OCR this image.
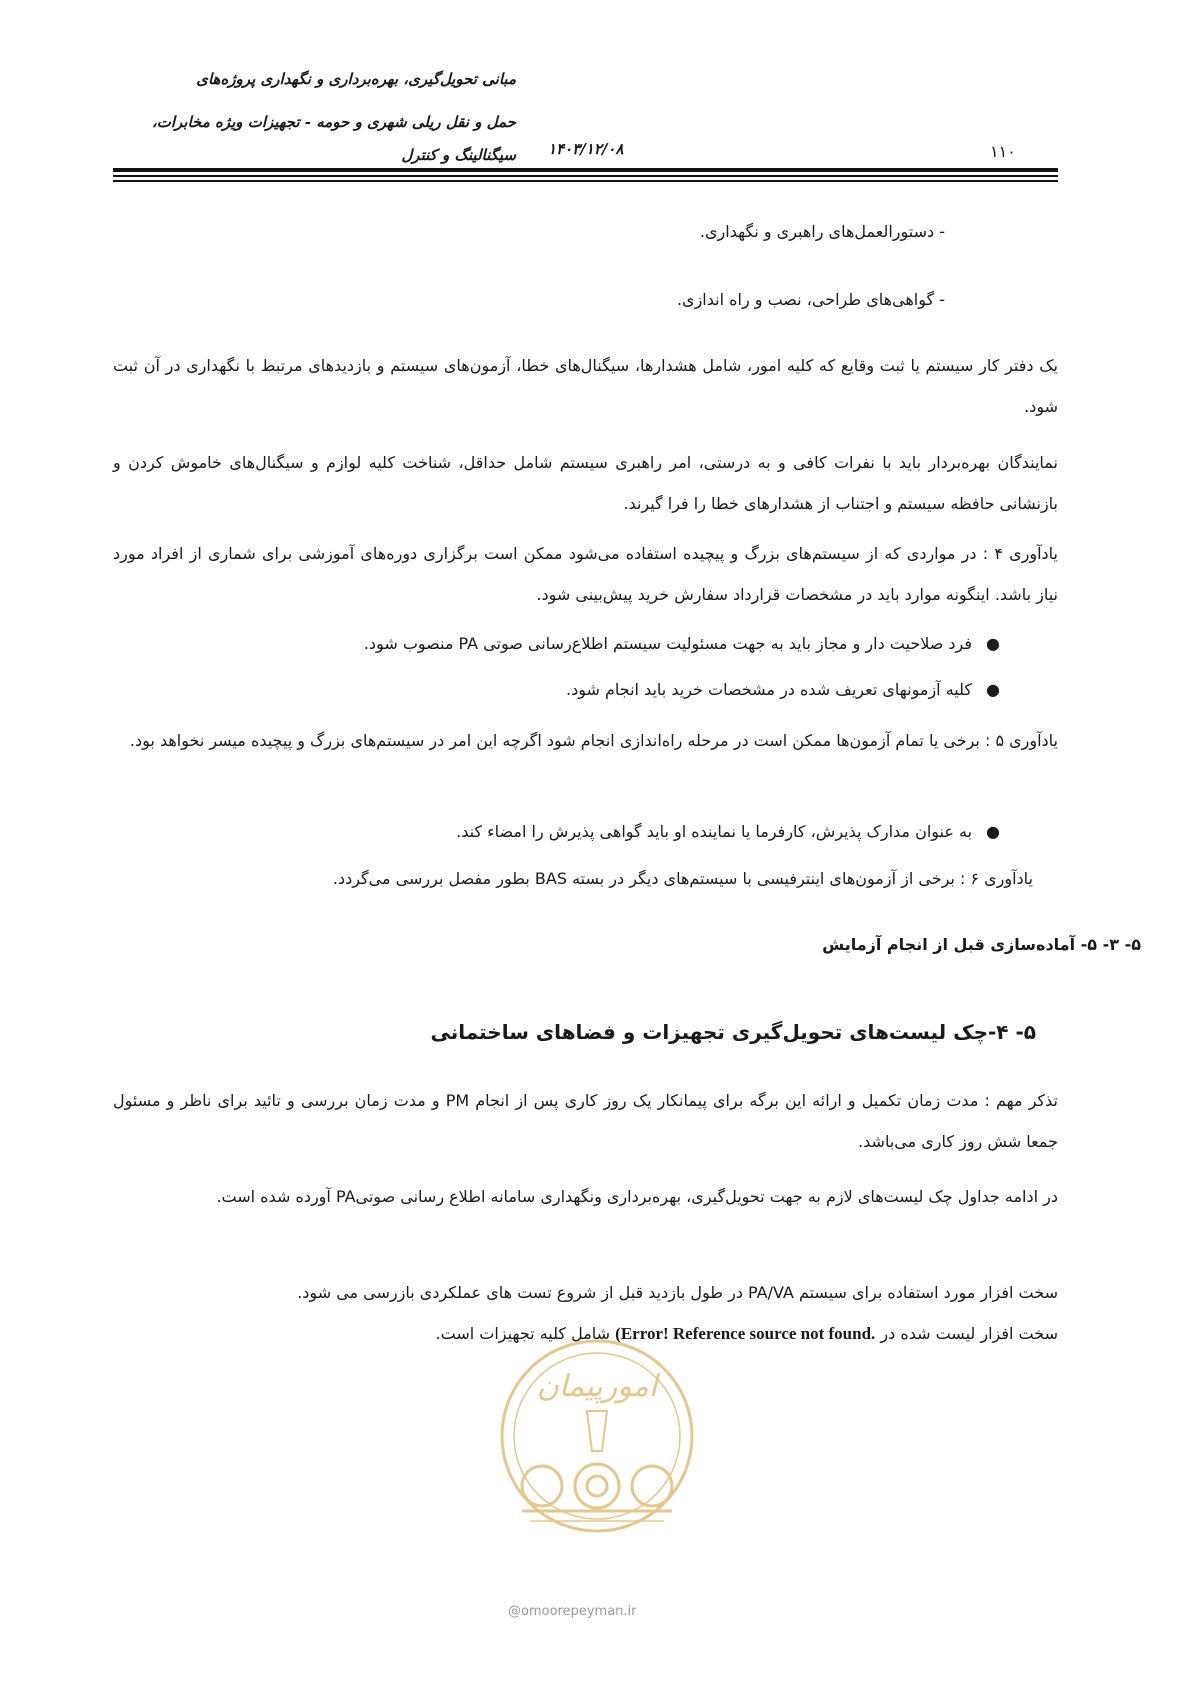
مبانی تحویل‌گیری، بهره‌برداری و نگهداری پروژه‌های
حمل و نقل ریلی شهری و حومه - تجهیزات ویژه مخابرات،
سیگنالینگ و کنترل ۱۴۰۳/۱۲/۰۸	۱۱۰
- دستورالعمل‌های راهبری و نگهداری.
- گواهی‌های طراحی، نصب و راه اندازی.
یک دفتر کار سیستم یا ثبت وقایع که کلیه امور، شامل هشدارها، سیگنال‌های خطا، آزمون‌های سیستم و بازدیدهای مرتبط با نگهداری در آن ثبت شود.
نمایندگان بهره‌بردار باید با نفرات کافی و به درستی، امر راهبری سیستم شامل حداقل، شناخت کلیه لوازم و سیگنال‌های خاموش کردن و بازنشانی حافظه سیستم و اجتناب از هشدارهای خطا را فرا گیرند.
یادآوری ۴ : در مواردی که از سیستم‌های بزرگ و پیچیده استفاده می‌شود ممکن است برگزاری دوره‌های آموزشی برای شماری از افراد مورد نیاز باشد. اینگونه موارد باید در مشخصات قرارداد سفارش خرید پیش‌بینی شود.
●فرد صلاحیت دار و مجاز باید به جهت مسئولیت سیستم اطلاع‌رسانی صوتی PA منصوب شود.
●کلیه آزمونهای تعریف شده در مشخصات خرید باید انجام شود.
یادآوری ۵ : برخی یا تمام آزمون‌ها ممکن است در مرحله راه‌اندازی انجام شود اگرچه این امر در سیستم‌های بزرگ و پیچیده میسر نخواهد بود.
●به عنوان مدارک پذیرش، کارفرما یا نماینده او باید گواهی پذیرش را امضاء کند.
یادآوری ۶ : برخی از آزمون‌های اینترفیسی با سیستم‌های دیگر در بسته BAS بطور مفصل بررسی می‌گردد.
۵- ۳- ۵- آماده‌سازی قبل از انجام آزمایش
۵- ۴-چک لیست‌های تحویل‌گیری تجهیزات و فضاهای ساختمانی
تذکر مهم : مدت زمان تکمیل و ارائه این برگه برای پیمانکار یک روز کاری پس از انجام PM و مدت زمان بررسی و تائید برای ناظر و مسئول جمعا شش روز کاری می‌باشد.
در ادامه جداول چک لیست‌های لازم به جهت تحویل‌گیری، بهره‌برداری ونگهداری سامانه اطلاع رسانی صوتیPA آورده شده است.
سخت افزار مورد استفاده برای سیستم PA/VA در طول بازدید قبل از شروع تست های عملکردی بازرسی می شود.
سخت افزار لیست شده در (Error! Reference source not found. شامل کلیه تجهیزات است.
امورپیمان
@omoorepeyman.ir
